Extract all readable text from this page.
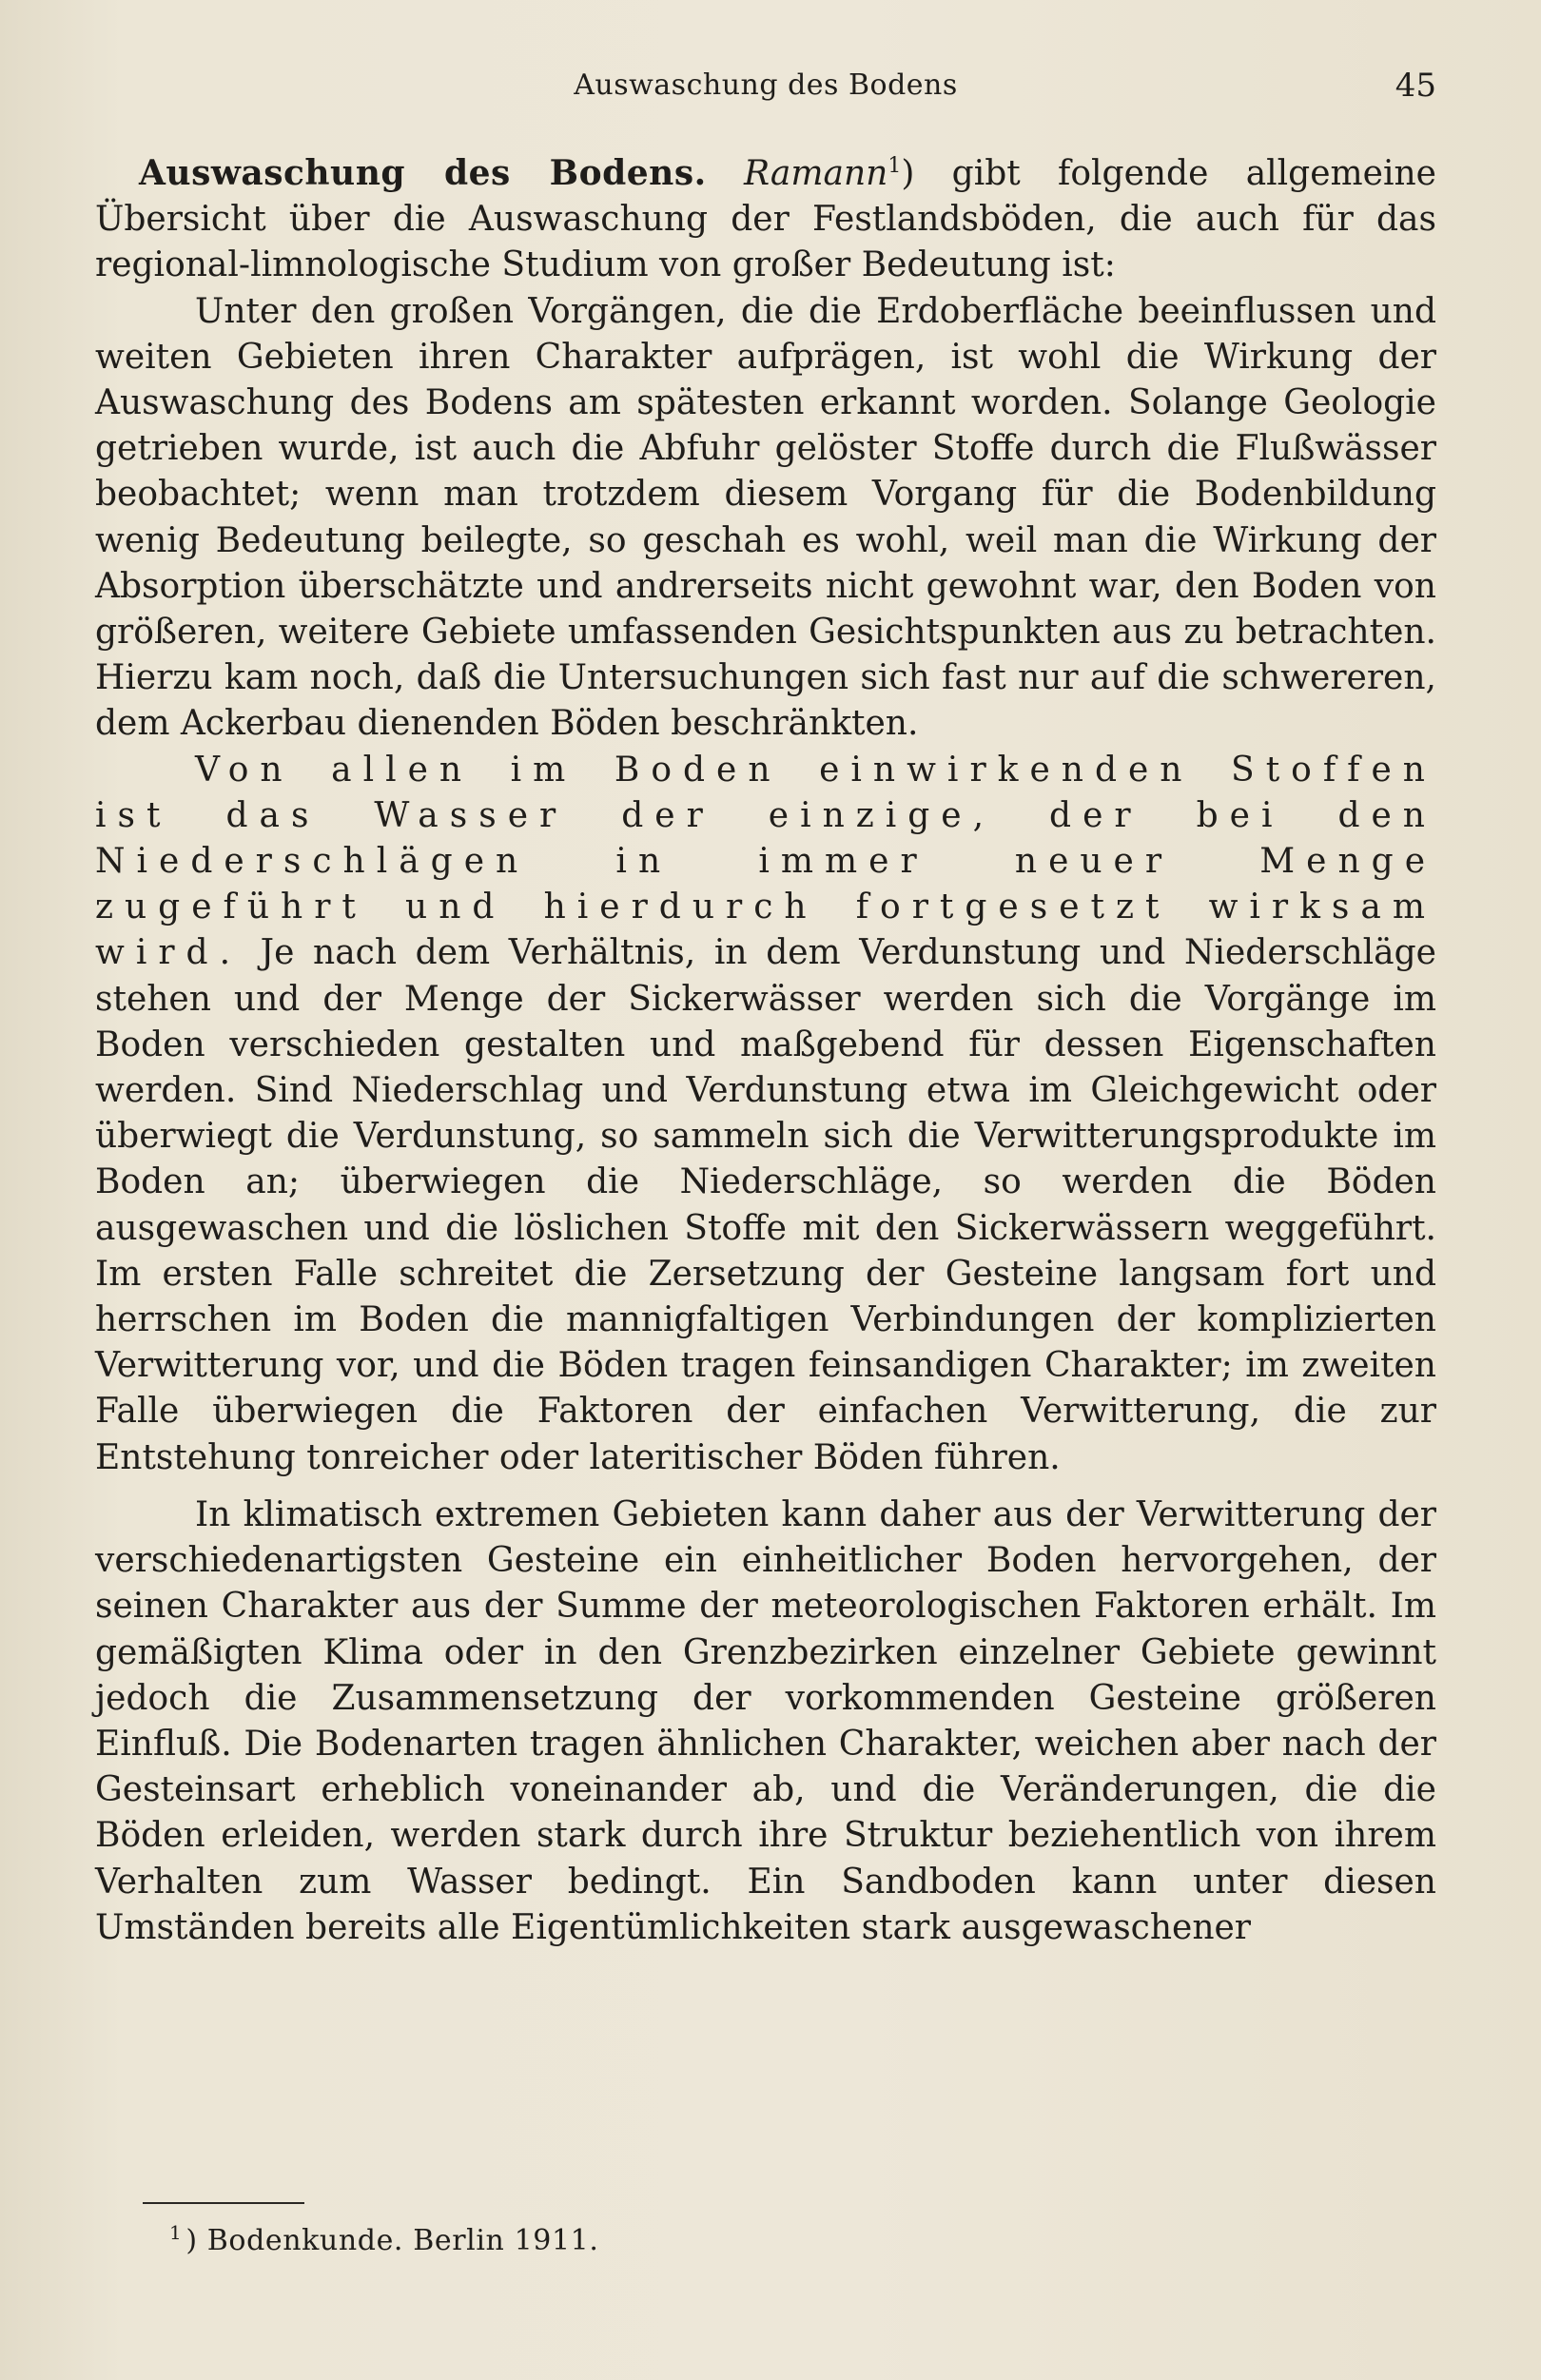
Auswaschung des Bodens	45

Auswaschung des Bodens. Ramann$^1$) gibt folgende allgemeine Übersicht über die Auswaschung der Festlandsböden, die auch für das regional-limnologische Studium von großer Bedeutung ist:

Unter den großen Vorgängen, die die Erdoberfläche beeinflussen und weiten Gebieten ihren Charakter aufprägen, ist wohl die Wirkung der Auswaschung des Bodens am spätesten erkannt worden. Solange Geologie getrieben wurde, ist auch die Abfuhr gelöster Stoffe durch die Flußwässer beobachtet; wenn man trotzdem diesem Vorgang für die Bodenbildung wenig Bedeutung beilegte, so geschah es wohl, weil man die Wirkung der Absorption überschätzte und andrerseits nicht gewohnt war, den Boden von größeren, weitere Gebiete umfassenden Gesichtspunkten aus zu betrachten. Hierzu kam noch, daß die Untersuchungen sich fast nur auf die schwereren, dem Ackerbau dienenden Böden beschränkten.

Von allen im Boden einwirkenden Stoffen ist das Wasser der einzige, der bei den Niederschlägen in immer neuer Menge zugeführt und hierdurch fortgesetzt wirksam wird. Je nach dem Verhältnis, in dem Verdunstung und Niederschläge stehen und der Menge der Sickerwässer werden sich die Vorgänge im Boden verschieden gestalten und maßgebend für dessen Eigenschaften werden. Sind Niederschlag und Verdunstung etwa im Gleichgewicht oder überwiegt die Verdunstung, so sammeln sich die Verwitterungsprodukte im Boden an; überwiegen die Niederschläge, so werden die Böden ausgewaschen und die löslichen Stoffe mit den Sickerwässern weggeführt. Im ersten Falle schreitet die Zersetzung der Gesteine langsam fort und herrschen im Boden die mannigfaltigen Verbindungen der komplizierten Verwitterung vor, und die Böden tragen feinsandigen Charakter; im zweiten Falle überwiegen die Faktoren der einfachen Verwitterung, die zur Entstehung tonreicher oder lateritischer Böden führen.

In klimatisch extremen Gebieten kann daher aus der Verwitterung der verschiedenartigsten Gesteine ein einheitlicher Boden hervorgehen, der seinen Charakter aus der Summe der meteorologischen Faktoren erhält. Im gemäßigten Klima oder in den Grenzbezirken einzelner Gebiete gewinnt jedoch die Zusammensetzung der vorkommenden Gesteine größeren Einfluß. Die Bodenarten tragen ähnlichen Charakter, weichen aber nach der Gesteinsart erheblich voneinander ab, und die Veränderungen, die die Böden erleiden, werden stark durch ihre Struktur beziehentlich von ihrem Verhalten zum Wasser bedingt. Ein Sandboden kann unter diesen Umständen bereits alle Eigentümlichkeiten stark ausgewaschener

$^1$ ) Bodenkunde. Berlin 1911.
